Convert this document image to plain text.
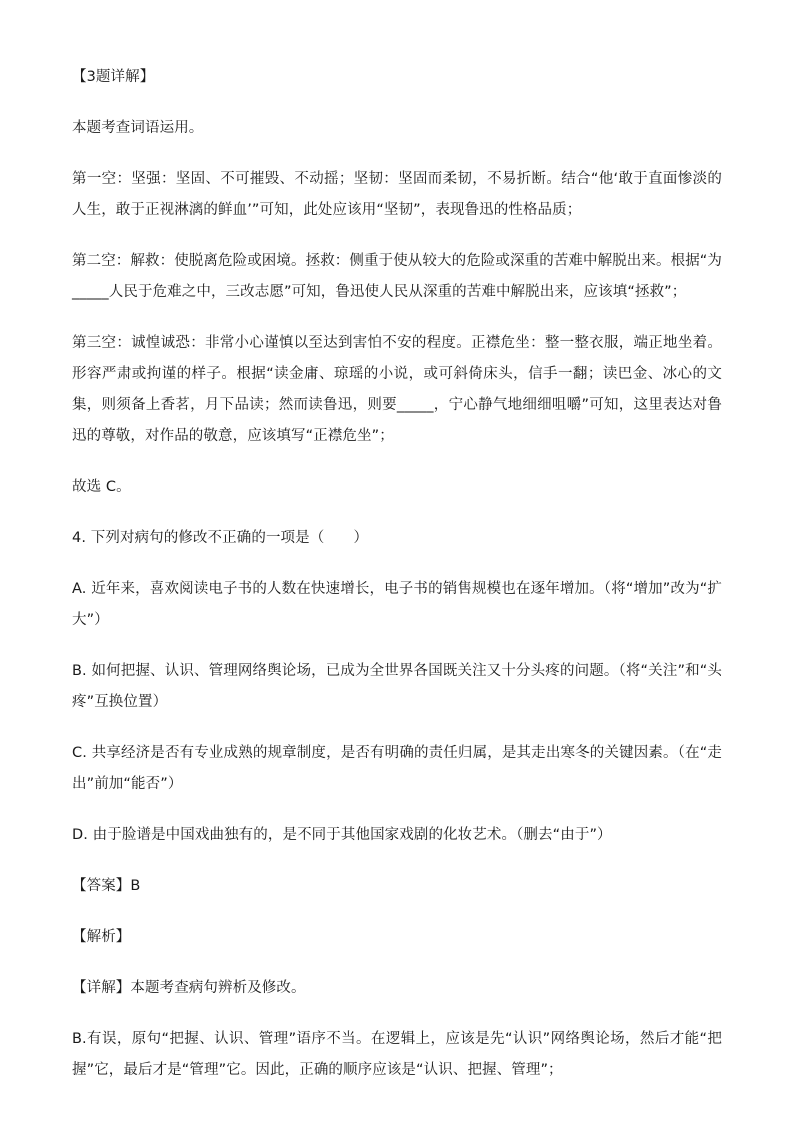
【3题详解】

本题考查词语运用。

第一空：坚强：坚固、不可摧毁、不动摇；坚韧：坚固而柔韧，不易折断。结合“他‘敢于直面惨淡的人生，敢于正视淋漓的鲜血’”可知，此处应该用“坚韧”，表现鲁迅的性格品质；

第二空：解救：使脱离危险或困境。拯救：侧重于使从较大的危险或深重的苦难中解脱出来。根据“为_____人民于危难之中，三改志愿”可知，鲁迅使人民从深重的苦难中解脱出来，应该填“拯救”；

第三空：诚惶诚恐：非常小心谨慎以至达到害怕不安的程度。正襟危坐：整一整衣服，端正地坐着。形容严肃或拘谨的样子。根据“读金庸、琼瑶的小说，或可斜倚床头，信手一翻；读巴金、冰心的文集，则须备上香茗，月下品读；然而读鲁迅，则要_____，宁心静气地细细咀嚼”可知，这里表达对鲁迅的尊敬，对作品的敬意，应该填写“正襟危坐”；

故选 C。

4. 下列对病句的修改不正确的一项是（　　）

A. 近年来，喜欢阅读电子书的人数在快速增长，电子书的销售规模也在逐年增加。（将“增加”改为“扩大”）

B. 如何把握、认识、管理网络舆论场，已成为全世界各国既关注又十分头疼的问题。（将“关注”和“头疼”互换位置）

C. 共享经济是否有专业成熟的规章制度，是否有明确的责任归属，是其走出寒冬的关键因素。（在“走出”前加“能否”）

D. 由于脸谱是中国戏曲独有的，是不同于其他国家戏剧的化妆艺术。（删去“由于”）

【答案】B

【解析】

【详解】本题考查病句辨析及修改。

B.有误，原句“把握、认识、管理”语序不当。在逻辑上，应该是先“认识”网络舆论场，然后才能“把握”它，最后才是“管理”它。因此，正确的顺序应该是“认识、把握、管理”；
